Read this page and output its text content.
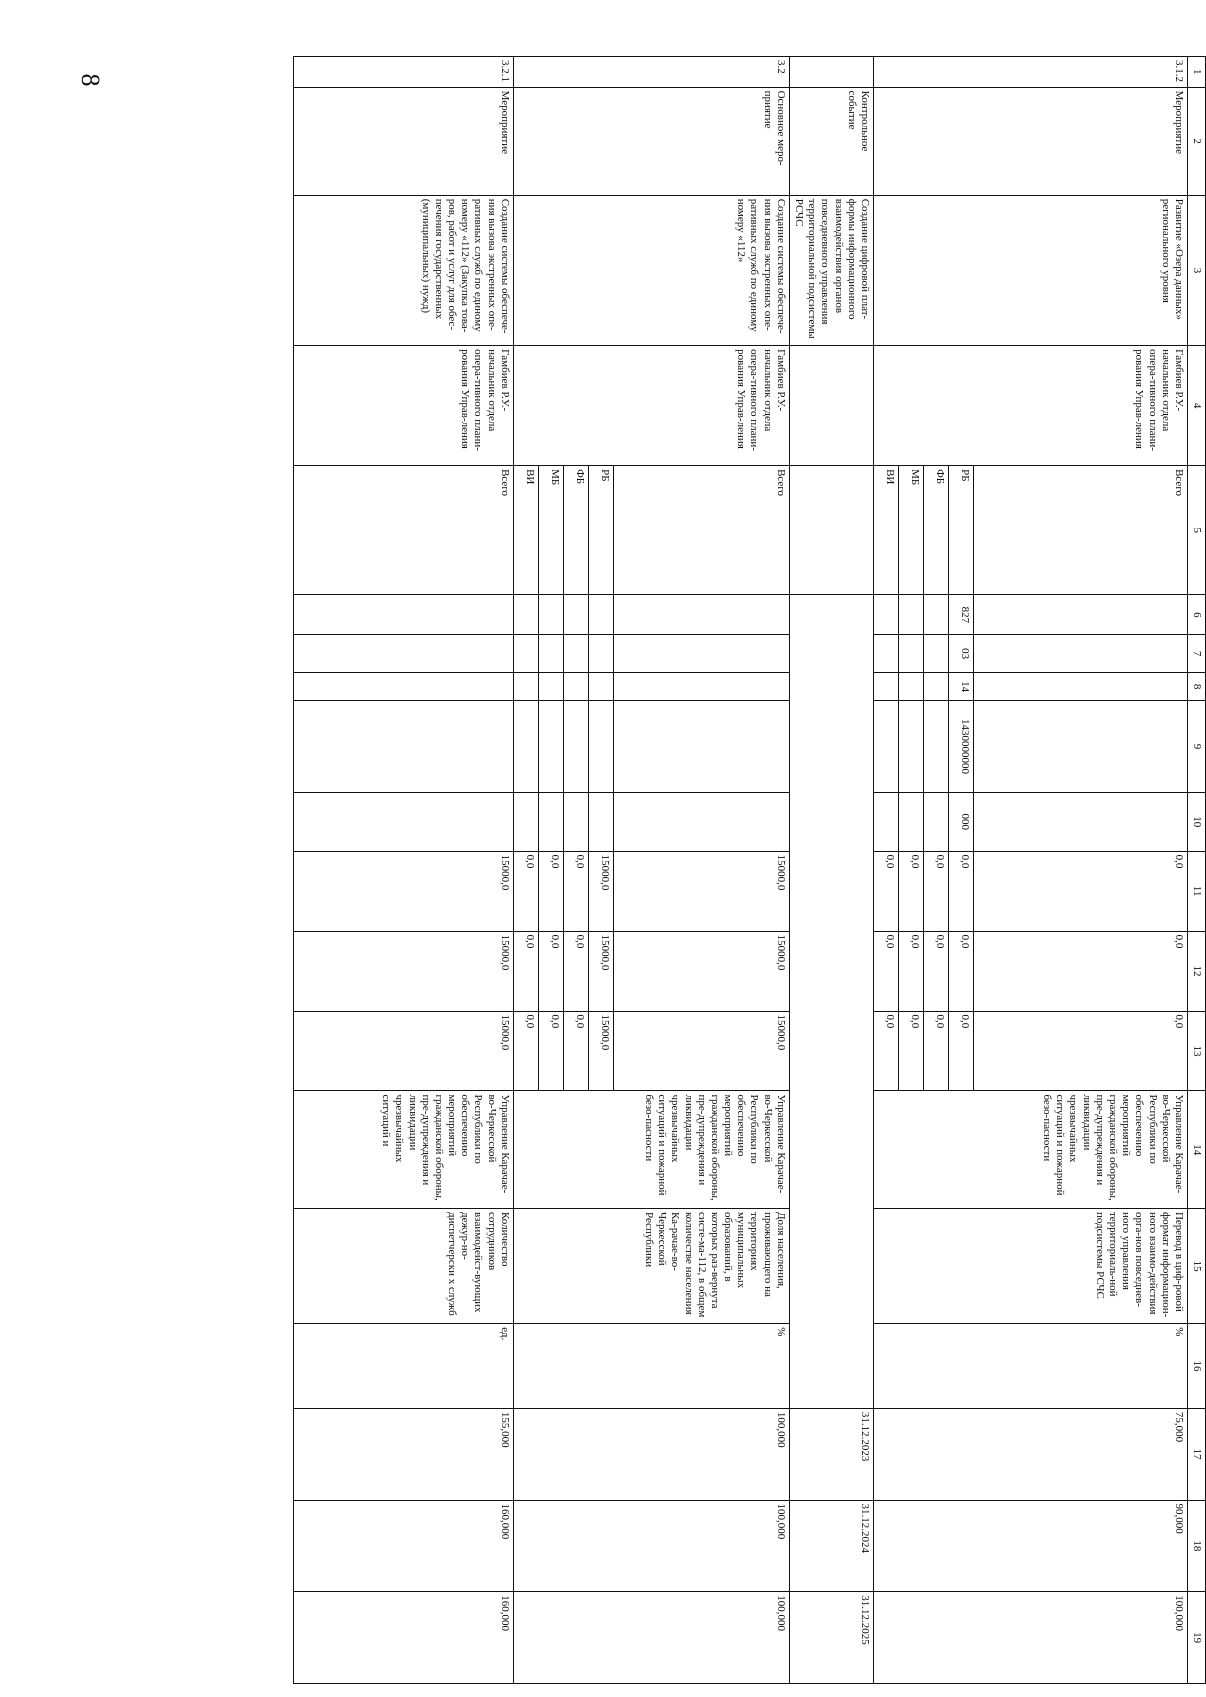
8
1	2	3	4	5	6	7	8	9	10	11	12	13	14	15	16	17	18	19
3.1.2	Мероприятие	Развитие «Озера данных» регионального уровня	Гамбиев Р.У.- начальник отдела опера-тивного плани-рования Управ-ления	Всего						0,0	0,0	0,0	Управление Карачае-во-Черкесской Республики по обеспечению мероприятий гражданской обороны, пре-дупреждения и ликвидации чрезвычайных ситуаций и пожарной безо-пасности	Перевод в циф-ровой формат информацион-ного взаимо-действия орга-нов повседнев-ного управления территориаль-ной подсистемы РСЧС	%	75,000	90,000	100,000
				РБ	827	03	14	1430000000	000	0,0	0,0	0,0						
				ФБ						0,0	0,0	0,0						
				МБ						0,0	0,0	0,0						
				ВИ						0,0	0,0	0,0						
	Контрольное событие	Создание цифровой плат-формы информационного взаимодействия органов повседневного управления территориальной подсистемы РСЧС														31.12.2023	31.12.2024	31.12.2025
3.2	Основное меро-приятие	Создание системы обеспече-ния вызова экстренных опе-ративных служб по единому номеру «112»	Гамбиев Р.У.- начальник отдела опера-тивного плани-рования Управ-ления	Всего						15000,0	15000,0	15000,0	Управление Карачае-во-Черкесской Республики по обеспечению мероприятий гражданской обороны, пре-дупреждения и ликвидации чрезвычайных ситуаций и пожарной безо-пасности	Доля населения, проживающего на территориях муниципальных образований, в которых раз-вернута систе-ма-112, в общем количестве населения Ка-рачае-во-Черкесской Республики	%	100,000	100,000	100,000
				РБ						15000,0	15000,0	15000,0						
				ФБ						0,0	0,0	0,0						
				МБ						0,0	0,0	0,0						
				ВИ						0,0	0,0	0,0						
3.2.1	Мероприятие	Создание системы обеспече-ния вызова экстренных опе-ративных служб по единому номеру «112» (Закупка това-ров, работ и услуг для обес-печения государственных (муниципальных) нужд)	Гамбиев Р.У.- начальник отдела опера-тивного плани-рования Управ-ления	Всего						15000,0	15000,0	15000,0	Управление Карачае-во-Черкесской Республики по обеспечению мероприятий гражданской обороны, пре-дупреждения и ликвидации чрезвычайных ситуаций и	Количество сотрудников взаимодейст-вующих дежур-но-диспетчерски х служб	ед.	155,000	160,000	160,000
